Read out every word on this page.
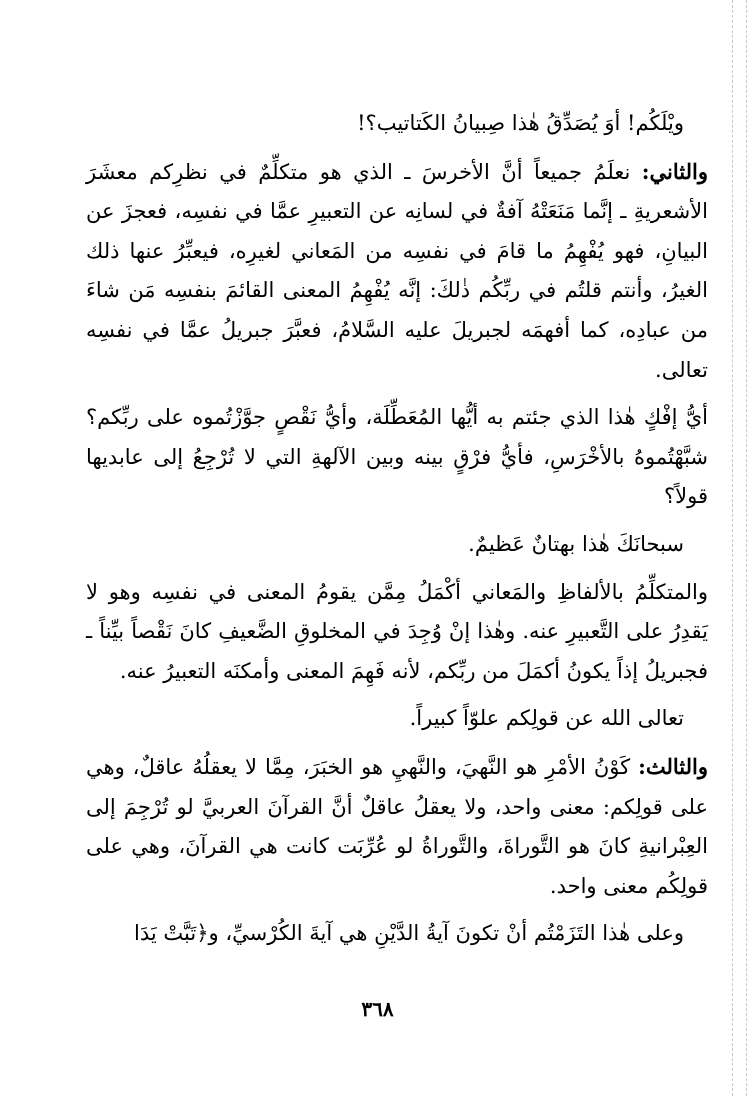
ويْلَكُم! أوَ يُصَدِّقُ هٰذا صِبيانُ الكَتاتيب؟!

والثاني: نعلَمُ جميعاً أنَّ الأخرسَ ـ الذي هو متكلِّمٌ في نظرِكم معشَرَ الأشعريةِ ـ إنَّما مَنَعَتْهُ آفةٌ في لسانِه عن التعبيرِ عمَّا في نفسِه، فعجزَ عن البيانِ، فهو يُفْهِمُ ما قامَ في نفسِه من المَعاني لغيرِه، فيعبِّرُ عنها ذلك الغيرُ، وأنتم قلتُم في ربِّكُم ذٰلكَ: إنَّه يُفْهِمُ المعنى القائمَ بنفسِه مَن شاءَ من عبادِه، كما أفهمَه لجبريلَ عليه السَّلامُ، فعبَّرَ جبريلُ عمَّا في نفسِه تعالى.

أيُّ إفْكٍ هٰذا الذي جئتم به أيُّها المُعَطِّلَة، وأيُّ نَقْصٍ جوَّزْتُموه على ربِّكم؟ شبَّهْتُموهُ بالأخْرَسِ، فأيُّ فرْقٍ بينه وبين الآلهةِ التي لا تُرْجِعُ إلى عابديها قولاً؟

سبحانَكَ هٰذا بهتانٌ عَظيمٌ.

والمتكلِّمُ بالألفاظِ والمَعاني أكْمَلُ مِمَّن يقومُ المعنى في نفسِه وهو لا يَقدِرُ على التَّعبيرِ عنه. وهٰذا إنْ وُجِدَ في المخلوقِ الضَّعيفِ كانَ نَقْصاً بيِّناً ـ فجبريلُ إذاً يكونُ أكمَلَ من ربِّكم، لأنه فَهِمَ المعنى وأمكنَه التعبيرُ عنه.

تعالى الله عن قولِكم علوّاً كبيراً.

والثالث: كَوْنُ الأمْرِ هو النَّهيَ، والنَّهيِ هو الخبَرَ، مِمَّا لا يعقلُهُ عاقلٌ، وهي على قولِكم: معنى واحد، ولا يعقلُ عاقلٌ أنَّ القرآنَ العربيَّ لو تُرْجِمَ إلى العِبْرانيةِ كانَ هو التَّوراةَ، والتَّوراةُ لو عُرِّبَت كانت هي القرآنَ، وهي على قولِكُم معنى واحد.

وعلى هٰذا التَزَمْتُم أنْ تكونَ آيةُ الدَّيْنِ هي آيةَ الكُرْسيِّ، و﴿تَبَّتْ يَدَا

٣٦٨
